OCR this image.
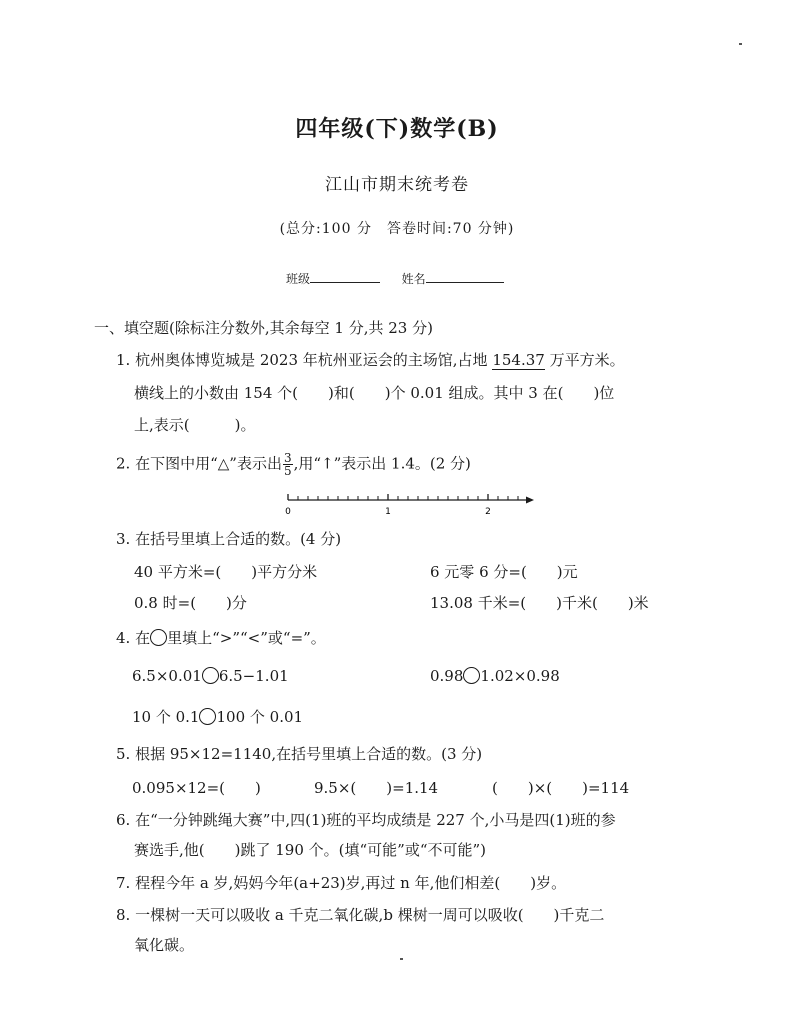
四年级(下)数学(B)
江山市期末统考卷
(总分:100 分　答卷时间:70 分钟)
班级	姓名
一、填空题(除标注分数外,其余每空 1 分,共 23 分)
1. 杭州奥体博览城是 2023 年杭州亚运会的主场馆,占地 154.37 万平方米。
横线上的小数由 154 个(　　)和(　　)个 0.01 组成。其中 3 在(　　)位
上,表示(　　　)。
2. 在下图中用“△”表示出 $\frac{3}{5}$ ,用“↑”表示出 1.4。(2 分)
0	1	2
3. 在括号里填上合适的数。(4 分)
40 平方米=(　　)平方分米	6 元零 6 分=(　　)元
0.8 时=(　　)分	13.08 千米=(　　)千米(　　)米
4. 在 里填上“>”“<”或“=”。
6.5×0.01 6.5−1.01	0.98 1.02×0.98
10 个 0.1 100 个 0.01
5. 根据 95×12=1140,在括号里填上合适的数。(3 分)
0.095×12=(　　)	9.5×(　　)=1.14	(　　)×(　　)=114
6. 在“一分钟跳绳大赛”中,四(1)班的平均成绩是 227 个,小马是四(1)班的参
赛选手,他(　　)跳了 190 个。(填“可能”或“不可能”)
7. 程程今年 a 岁,妈妈今年(a+23)岁,再过 n 年,他们相差(　　)岁。
8. 一棵树一天可以吸收 a 千克二氧化碳,b 棵树一周可以吸收(　　)千克二
氧化碳。
